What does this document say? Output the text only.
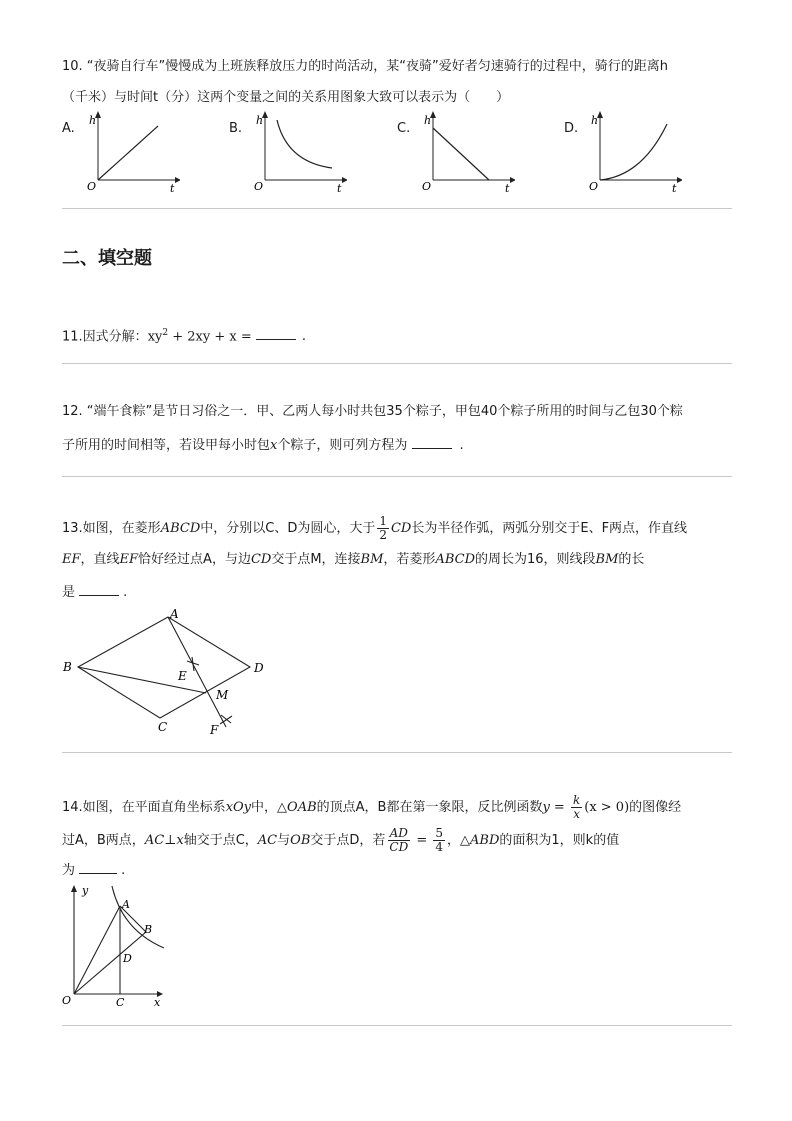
10. “夜骑自行车”慢慢成为上班族释放压力的时尚活动，某“夜骑”爱好者匀速骑行的过程中，骑行的距离h
（千米）与时间t（分）这两个变量之间的关系用图象大致可以表示为（　　）
A.
h
O	t
B.
h
O	t
C.
h
O	t
D.
h
O	t
二、填空题
11.因式分解：$xy^2 + 2xy + x$ =	.
12. “端午食粽”是节日习俗之一．甲、乙两人每小时共包35个粽子，甲包40个粽子所用的时间与乙包30个粽
子所用的时间相等，若设甲每小时包x个粽子，则可列方程为	.
13.如图，在菱形ABCD中，分别以C、D为圆心，大于 $\frac{1}{2}$ CD长为半径作弧，两弧分别交于E、F两点，作直线
EF，直线EF恰好经过点A，与边CD交于点M，连接BM，若菱形ABCD的周长为16，则线段BM的长
是	.
A
B
C
D
E
F
M
14.如图，在平面直角坐标系xOy中，△OAB的顶点A，B都在第一象限，反比例函数$y = \frac{k}{x} (x > 0)$的图像经
过A，B两点，AC⊥x轴交于点C，AC与OB交于点D，若 $\frac{AD}{CD} = \frac{5}{4}$ ，△ABD的面积为1，则k的值
为	.
y
x
O
A
B
C
D
